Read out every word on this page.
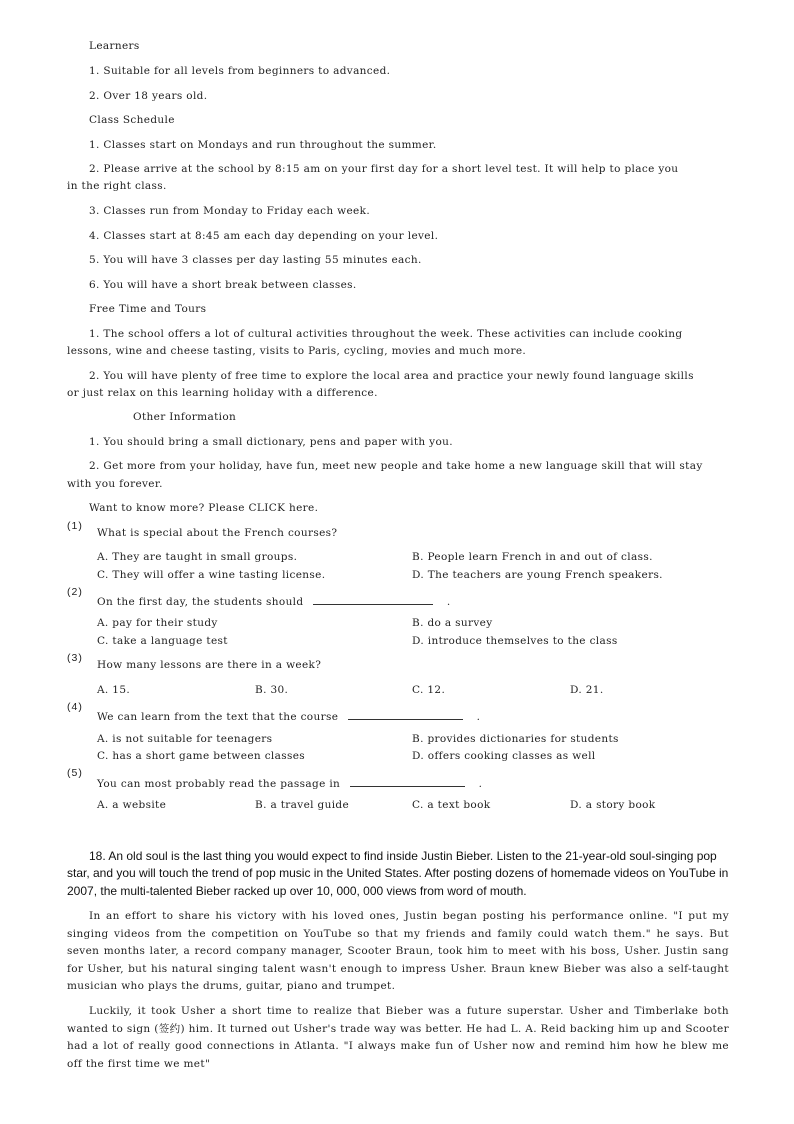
Learners
1. Suitable for all levels from beginners to advanced.
2. Over 18 years old.
Class Schedule
1. Classes start on Mondays and run throughout the summer.
2. Please arrive at the school by 8:15 am on your first day for a short level test. It will help to place you
in the right class.
3. Classes run from Monday to Friday each week.
4. Classes start at 8:45 am each day depending on your level.
5. You will have 3 classes per day lasting 55 minutes each.
6. You will have a short break between classes.
Free Time and Tours
1. The school offers a lot of cultural activities throughout the week. These activities can include cooking
lessons, wine and cheese tasting, visits to Paris, cycling, movies and much more.
2. You will have plenty of free time to explore the local area and practice your newly found language skills
or just relax on this learning holiday with a difference.
Other Information
1. You should bring a small dictionary, pens and paper with you.
2. Get more from your holiday, have fun, meet new people and take home a new language skill that will stay
with you forever.
Want to know more? Please CLICK here.
(1)
What is special about the French courses?
A. They are taught in small groups.	B. People learn French in and out of class.
C. They will offer a wine tasting license.	D. The teachers are young French speakers.
(2)
On the first day, the students should	.
A. pay for their study	B. do a survey
C. take a language test	D. introduce themselves to the class
(3)
How many lessons are there in a week?
A. 15.	B. 30.	C. 12.	D. 21.
(4)
We can learn from the text that the course	.
A. is not suitable for teenagers	B. provides dictionaries for students
C. has a short game between classes	D. offers cooking classes as well
(5)
You can most probably read the passage in	.
A. a website	B. a travel guide	C. a text book	D. a story book
18. An old soul is the last thing you would expect to find inside Justin Bieber. Listen to the 21-year-old soul-singing pop star, and you will touch the trend of pop music in the United States. After posting dozens of homemade videos on YouTube in 2007, the multi-talented Bieber racked up over 10, 000, 000 views from word of mouth.
In an effort to share his victory with his loved ones, Justin began posting his performance online. "I put my singing videos from the competition on YouTube so that my friends and family could watch them." he says. But seven months later, a record company manager, Scooter Braun, took him to meet with his boss, Usher. Justin sang for Usher, but his natural singing talent wasn't enough to impress Usher. Braun knew Bieber was also a self-taught musician who plays the drums, guitar, piano and trumpet.
Luckily, it took Usher a short time to realize that Bieber was a future superstar. Usher and Timberlake both wanted to sign (签约) him. It turned out Usher's trade way was better. He had L. A. Reid backing him up and Scooter had a lot of really good connections in Atlanta. "I always make fun of Usher now and remind him how he blew me off the first time we met"
